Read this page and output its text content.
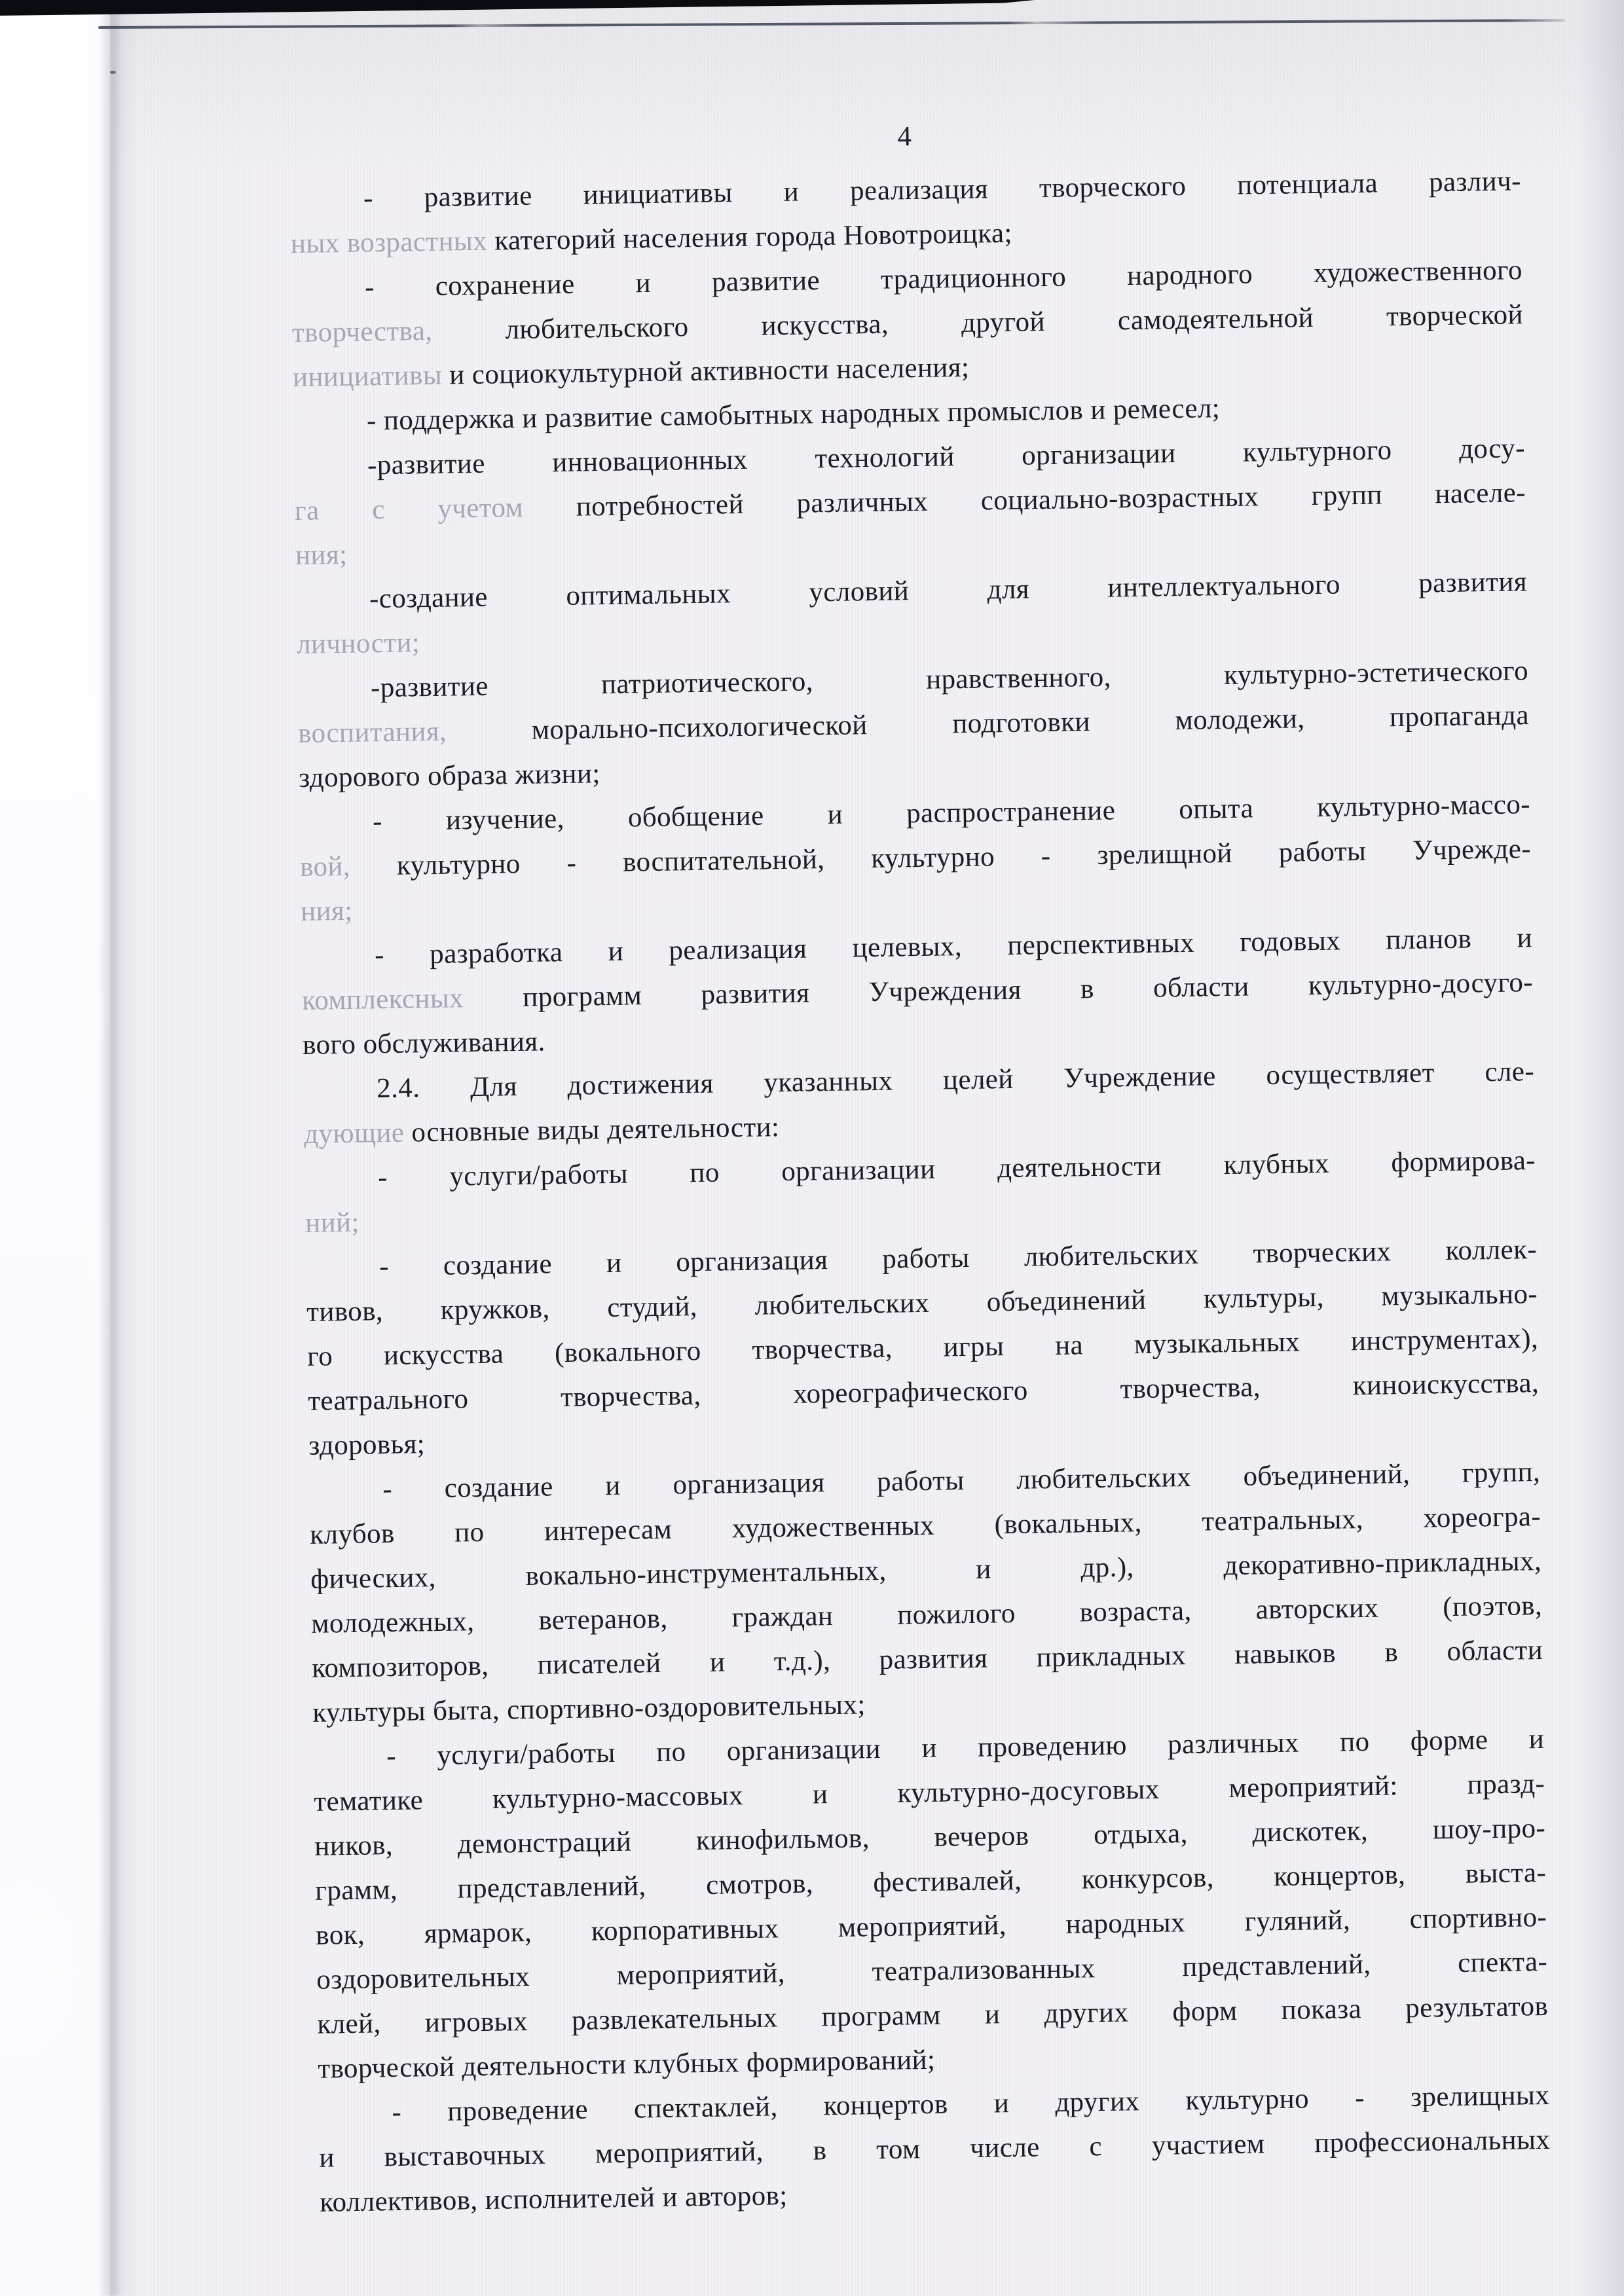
4
- развитие инициативы и реализация творческого потенциала различ-
ных возрастных категорий населения города Новотроицка;
- сохранение и развитие традиционного народного художественного
творчества, любительского искусства, другой самодеятельной творческой
инициативы и социокультурной активности населения;
- поддержка и развитие самобытных народных промыслов и ремесел;
-развитие инновационных технологий организации культурного досу-
га с учетом потребностей различных социально-возрастных групп населе-
ния;
-создание оптимальных условий для интеллектуального развития
личности;
-развитие патриотического, нравственного, культурно-эстетического
воспитания, морально-психологической подготовки молодежи, пропаганда
здорового образа жизни;
- изучение, обобщение и распространение опыта культурно-массо-
вой, культурно - воспитательной, культурно - зрелищной работы Учрежде-
ния;
- разработка и реализация целевых, перспективных годовых планов и
комплексных программ развития Учреждения в области культурно-досуго-
вого обслуживания.
2.4. Для достижения указанных целей Учреждение осуществляет сле-
дующие основные виды деятельности:
- услуги/работы по организации деятельности клубных формирова-
ний;
- создание и организация работы любительских творческих коллек-
тивов, кружков, студий, любительских объединений культуры, музыкально-
го искусства (вокального творчества, игры на музыкальных инструментах),
театрального творчества, хореографического творчества, киноискусства,
здоровья;
- создание и организация работы любительских объединений, групп,
клубов по интересам художественных (вокальных, театральных, хореогра-
фических, вокально-инструментальных, и др.), декоративно-прикладных,
молодежных, ветеранов, граждан пожилого возраста, авторских (поэтов,
композиторов, писателей и т.д.), развития прикладных навыков в области
культуры быта, спортивно-оздоровительных;
- услуги/работы по организации и проведению различных по форме и
тематике культурно-массовых и культурно-досуговых мероприятий: празд-
ников, демонстраций кинофильмов, вечеров отдыха, дискотек, шоу-про-
грамм, представлений, смотров, фестивалей, конкурсов, концертов, выста-
вок, ярмарок, корпоративных мероприятий, народных гуляний, спортивно-
оздоровительных мероприятий, театрализованных представлений, спекта-
клей, игровых развлекательных программ и других форм показа результатов
творческой деятельности клубных формирований;
- проведение спектаклей, концертов и других культурно - зрелищных
и выставочных мероприятий, в том числе с участием профессиональных
коллективов, исполнителей и авторов;
